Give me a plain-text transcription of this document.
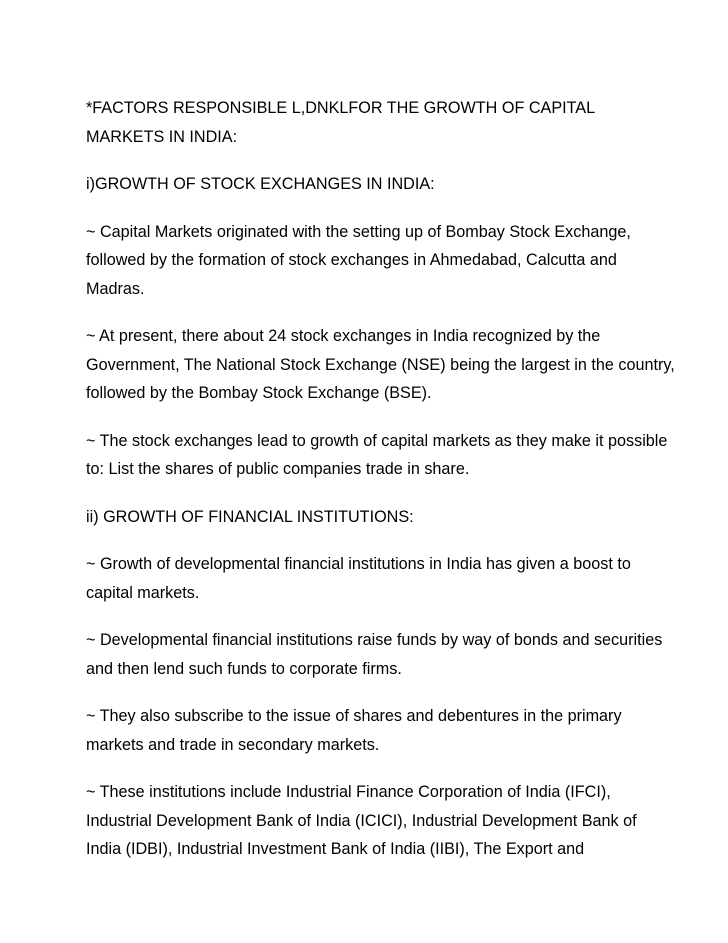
*FACTORS RESPONSIBLE L,DNKLFOR THE GROWTH OF CAPITAL MARKETS IN INDIA:

i)GROWTH OF STOCK EXCHANGES IN INDIA:

~ Capital Markets originated with the setting up of Bombay Stock Exchange, followed by the formation of stock exchanges in Ahmedabad, Calcutta and Madras.

~ At present, there about 24 stock exchanges in India recognized by the Government, The National Stock Exchange (NSE) being the largest in the country, followed by the Bombay Stock Exchange (BSE).

~ The stock exchanges lead to growth of capital markets as they make it possible to: List the shares of public companies trade in share.

ii) GROWTH OF FINANCIAL INSTITUTIONS:

~ Growth of developmental financial institutions in India has given a boost to capital markets.

~ Developmental financial institutions raise funds by way of bonds and securities and then lend such funds to corporate firms.

~ They also subscribe to the issue of shares and debentures in the primary markets and trade in secondary markets.

~ These institutions include Industrial Finance Corporation of India (IFCI), Industrial Development Bank of India (ICICI), Industrial Development Bank of India (IDBI), Industrial Investment Bank of India (IIBI), The Export and
